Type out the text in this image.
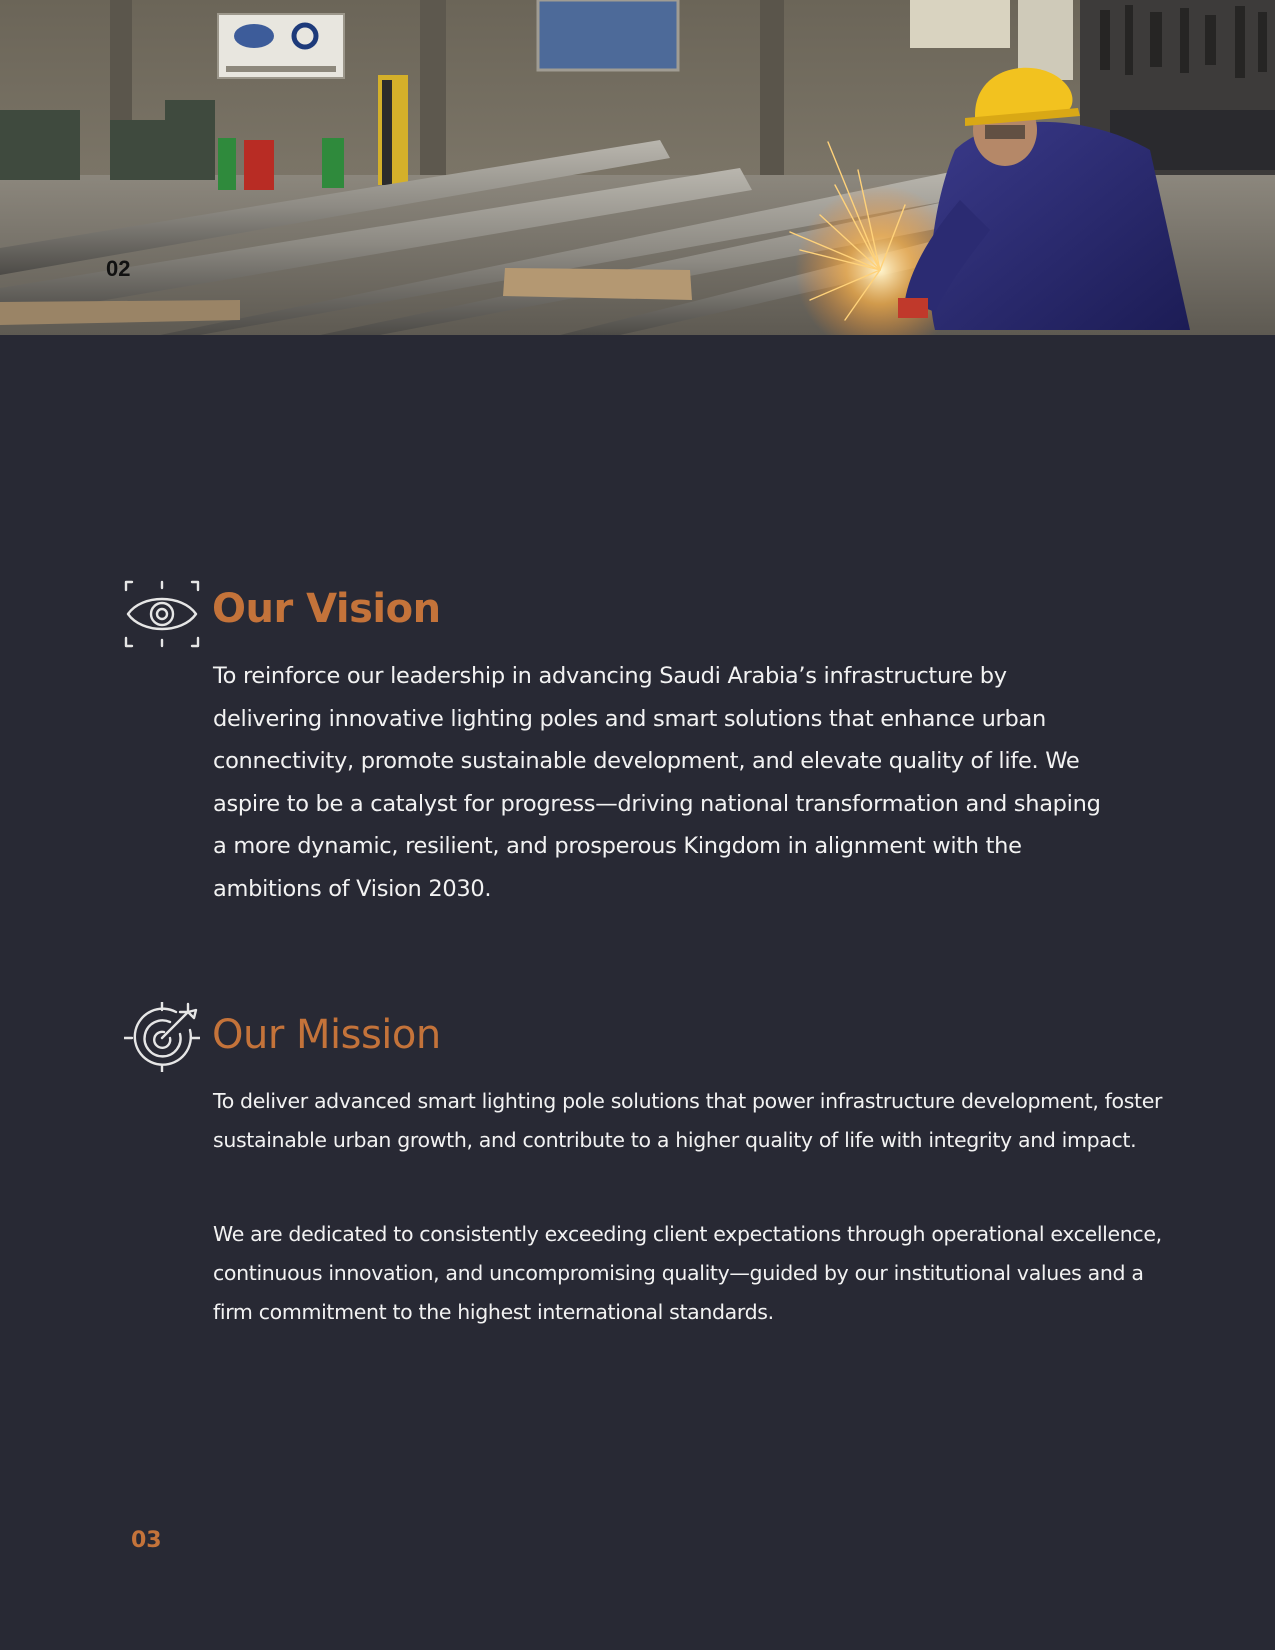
02
Our Vision

To reinforce our leadership in advancing Saudi Arabia’s infrastructure by delivering innovative lighting poles and smart solutions that enhance urban connectivity, promote sustainable development, and elevate quality of life. We aspire to be a catalyst for progress—driving national transformation and shaping a more dynamic, resilient, and prosperous Kingdom in alignment with the ambitions of Vision 2030.

Our Mission

To deliver advanced smart lighting pole solutions that power infrastructure development, foster sustainable urban growth, and contribute to a higher quality of life with integrity and impact.

We are dedicated to consistently exceeding client expectations through operational excellence, continuous innovation, and uncompromising quality—guided by our institutional values and a firm commitment to the highest international standards.

03
